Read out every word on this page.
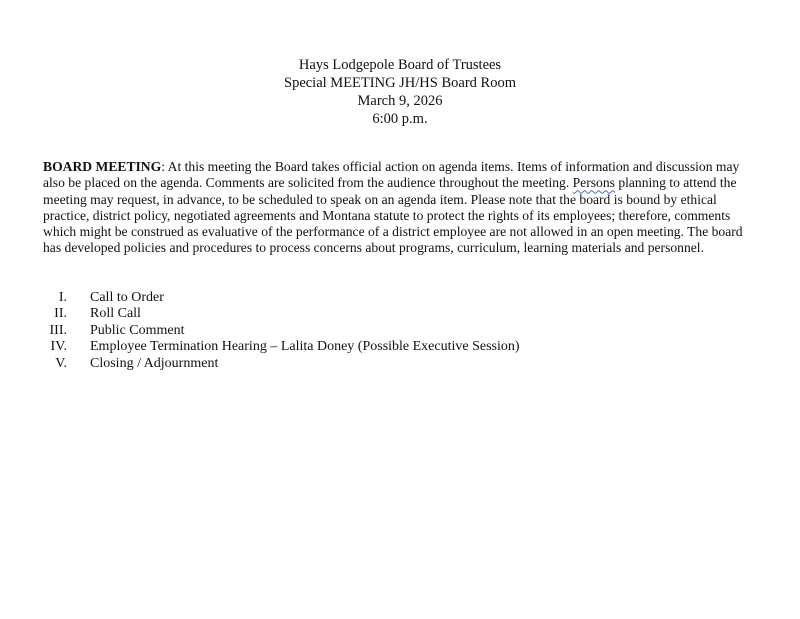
Hays Lodgepole Board of Trustees
Special MEETING JH/HS Board Room
March 9, 2026
6:00 p.m.
BOARD MEETING: At this meeting the Board takes official action on agenda items. Items of information and discussion may also be placed on the agenda. Comments are solicited from the audience throughout the meeting. Persons planning to attend the meeting may request, in advance, to be scheduled to speak on an agenda item. Please note that the board is bound by ethical practice, district policy, negotiated agreements and Montana statute to protect the rights of its employees; therefore, comments which might be construed as evaluative of the performance of a district employee are not allowed in an open meeting. The board has developed policies and procedures to process concerns about programs, curriculum, learning materials and personnel.
I. Call to Order
II. Roll Call
III. Public Comment
IV. Employee Termination Hearing – Lalita Doney (Possible Executive Session)
V. Closing / Adjournment
